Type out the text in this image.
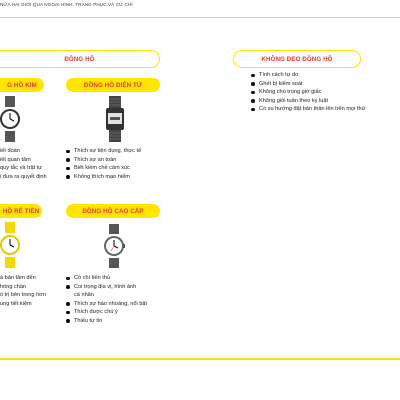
NỮA HAI GIỚI QUA NGOẠI HÌNH, TRANG PHỤC VÀ CỬ CHỈ
ĐỒNG HỒ	KHÔNG ĐEO ĐỒNG HỒ
Tính cách tự do
Ghét bị kiểm soát
Không chú trọng giờ giấc
Không giỏi tuân theo kỷ luật
Có xu hướng đặt bản thân lên trên mọi thứ
G HỒ KIM
iết đoán
iết quan tâm
quy tắc và trật tự
i đưa ra quyết định
ĐỒNG HỒ ĐIỆN TỬ
Thích sự tiện dụng, thực tế
Thích sự an toàn
Biết kiềm chế cảm xúc
Không thích mạo hiểm
HỒ RẺ TIỀN
à bản tâm đến
hóng chán
ó trị bên trong hơn
ung tiết kiệm
ĐỒNG HỒ CAO CẤP
Có chí tiến thủ
Coi trọng địa vị, hình ảnh
cá nhân
Thích sự hào nhoáng, nổi bật
Thích được chú ý
Thiếu tự tin
